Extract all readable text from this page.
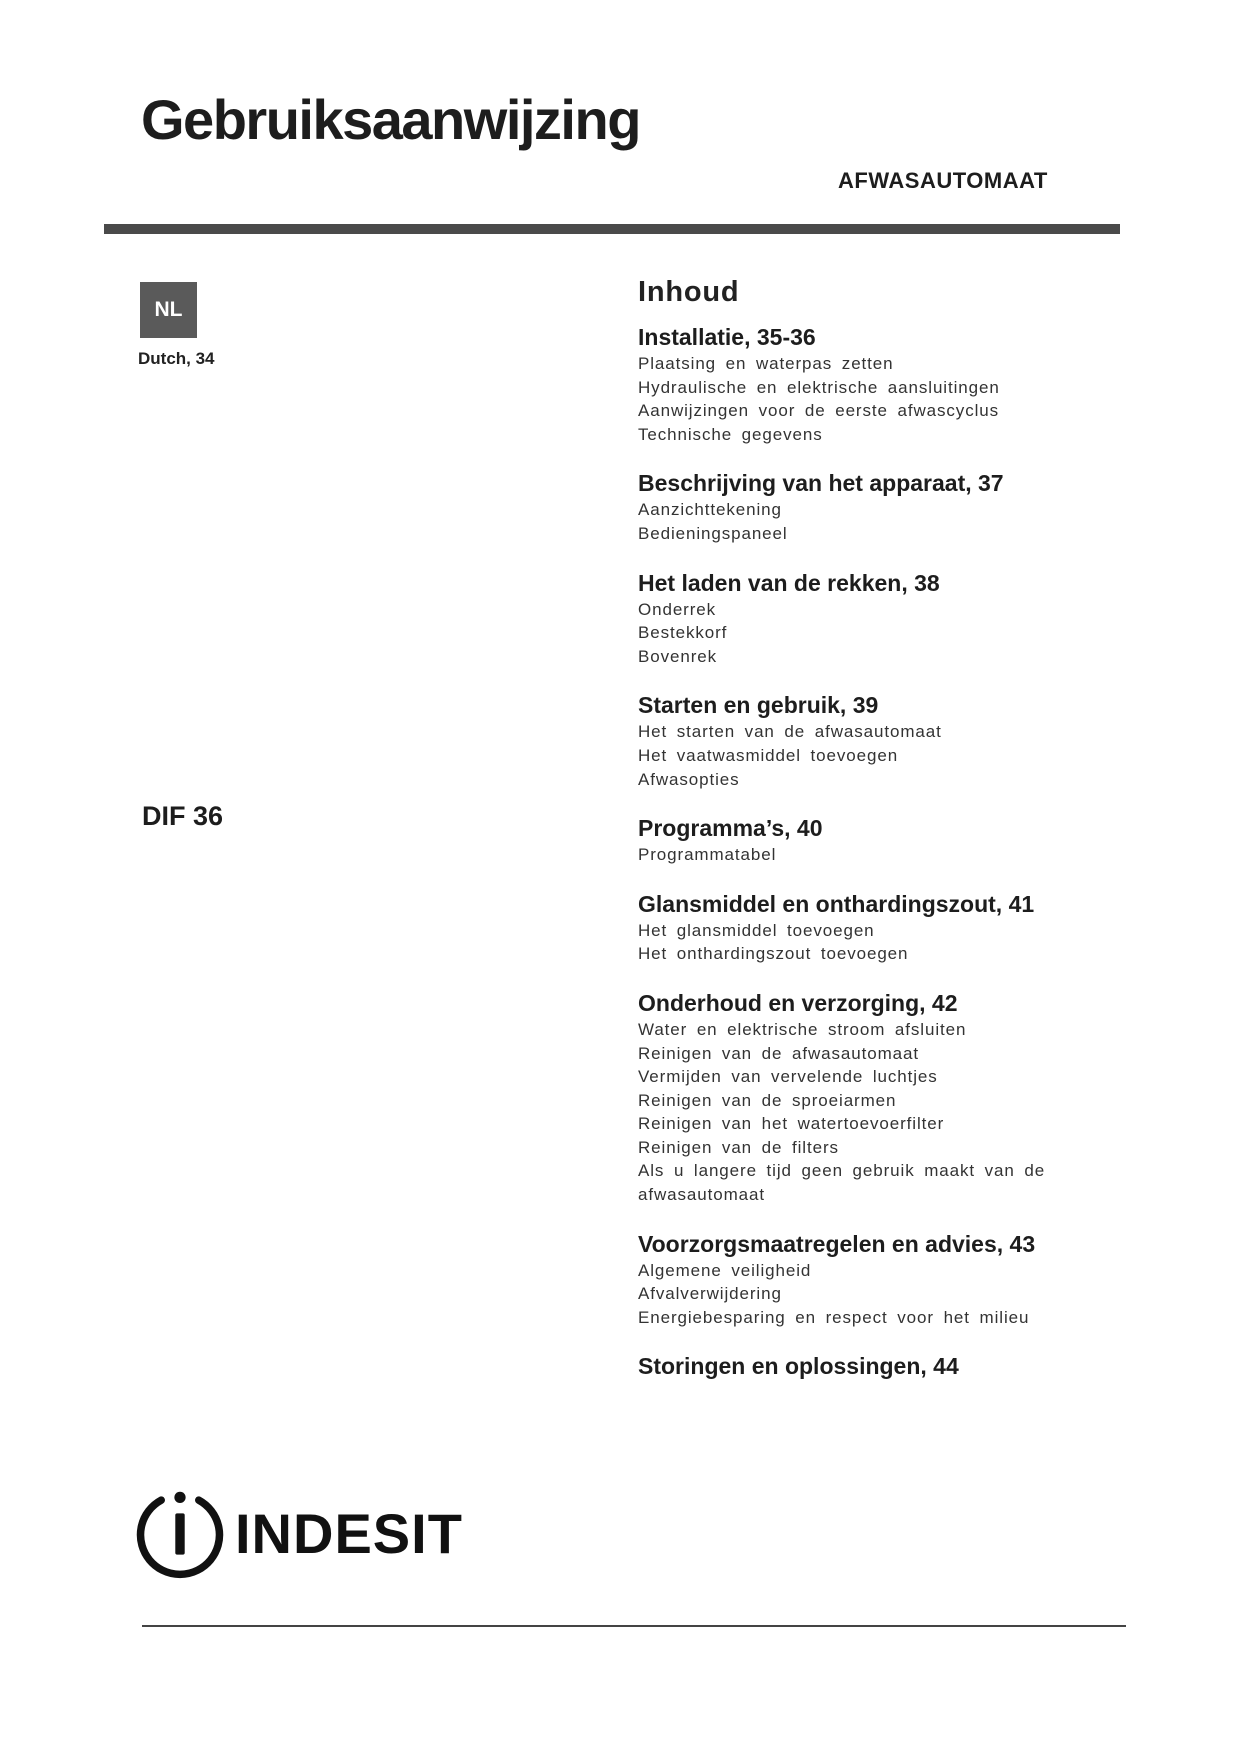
Gebruiksaanwijzing
AFWASAUTOMAAT
NL
Dutch, 34
DIF 36
Inhoud
Installatie, 35-36
Plaatsing en waterpas zetten
Hydraulische en elektrische aansluitingen
Aanwijzingen voor de eerste afwascyclus
Technische gegevens
Beschrijving van het apparaat, 37
Aanzichttekening
Bedieningspaneel
Het laden van de rekken, 38
Onderrek
Bestekkorf
Bovenrek
Starten en gebruik, 39
Het starten van de afwasautomaat
Het vaatwasmiddel toevoegen
Afwasopties
Programma’s, 40
Programmatabel
Glansmiddel en onthardingszout, 41
Het glansmiddel toevoegen
Het onthardingszout toevoegen
Onderhoud en verzorging, 42
Water en elektrische stroom afsluiten
Reinigen van de afwasautomaat
Vermijden van vervelende luchtjes
Reinigen van de sproeiarmen
Reinigen van het watertoevoerfilter
Reinigen van de filters
Als u langere tijd geen gebruik maakt van de
afwasautomaat
Voorzorgsmaatregelen en advies, 43
Algemene veiligheid
Afvalverwijdering
Energiebesparing en respect voor het milieu
Storingen en oplossingen, 44
INDESIT
